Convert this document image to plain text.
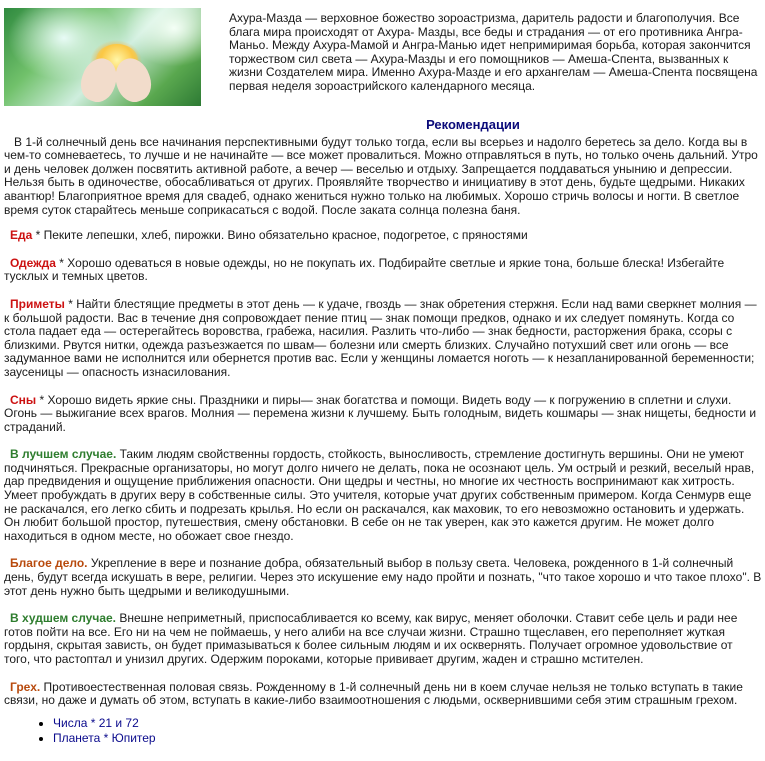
Ахура-Мазда — верховное божество зороастризма, даритель радости и благополучия. Все блага мира происходят от Ахура- Мазды, все беды и страдания — от его противника Ангра-Маньо. Между Ахура-Мамой и Ангра-Манью идет непримиримая борьба, которая закончится торжеством сил света — Ахура-Мазды и его помощников — Амеша-Спента, вызванных к жизни Создателем мира. Именно Ахура-Мазде и его архангелам — Амеша-Спента посвящена первая неделя зороастрийского календарного месяца.
Рекомендации

В 1-й солнечный день все начинания перспективными будут только тогда, если вы всерьез и надолго беретесь за дело. Когда вы в чем-то сомневаетесь, то лучше и не начинайте — все может провалиться. Можно отправляться в путь, но только очень дальний. Утро и день человек должен посвятить активной работе, а вечер — веселью и отдыху. Запрещается поддаваться унынию и депрессии. Нельзя быть в одиночестве, обосабливаться от других. Проявляйте творчество и инициативу в этот день, будьте щедрыми. Никаких авантюр! Благоприятное время для свадеб, однако жениться нужно только на любимых. Хорошо стричь волосы и ногти. В светлое время суток старайтесь меньше соприкасаться с водой. После заката солнца полезна баня.

Еда * Пеките лепешки, хлеб, пирожки. Вино обязательно красное, подогретое, с пряностями

Одежда * Хорошо одеваться в новые одежды, но не покупать их. Подбирайте светлые и яркие тона, больше блеска! Избегайте тусклых и темных цветов.

Приметы * Найти блестящие предметы в этот день — к удаче, гвоздь — знак обретения стержня. Если над вами сверкнет молния — к большой радости. Вас в течение дня сопровождает пение птиц — знак помощи предков, однако и их следует помянуть. Когда со стола падает еда — остерегайтесь воровства, грабежа, насилия. Разлить что-либо — знак бедности, расторжения брака, ссоры с близкими. Рвутся нитки, одежда разъезжается по швам— болезни или смерть близких. Случайно потухший свет или огонь — все задуманное вами не исполнится или обернется против вас. Если у женщины ломается ноготь — к незапланированной беременности; заусеницы — опасность изнасилования.

Сны * Хорошо видеть яркие сны. Праздники и пиры— знак богатства и помощи. Видеть воду — к погружению в сплетни и слухи. Огонь — выжигание всех врагов. Молния — перемена жизни к лучшему. Быть голодным, видеть кошмары — знак нищеты, бедности и страданий.

В лучшем случае. Таким людям свойственны гордость, стойкость, выносливость, стремление достигнуть вершины. Они не умеют подчиняться. Прекрасные организаторы, но могут долго ничего не делать, пока не осознают цель. Ум острый и резкий, веселый нрав, дар предвидения и ощущение приближения опасности. Они щедры и честны, но многие их честность воспринимают как хитрость. Умеет пробуждать в других веру в собственные силы. Это учителя, которые учат других собственным примером. Когда Сенмурв еще не раскачался, его легко сбить и подрезать крылья. Но если он раскачался, как маховик, то его невозможно остановить и удержать. Он любит большой простор, путешествия, смену обстановки. В себе он не так уверен, как это кажется другим. Не может долго находиться в одном месте, но обожает свое гнездо.

Благое дело. Укрепление в вере и познание добра, обязательный выбор в пользу света. Человека, рожденного в 1-й солнечный день, будут всегда искушать в вере, религии. Через это искушение ему надо пройти и познать, "что такое хорошо и что такое плохо". В этот день нужно быть щедрыми и великодушными.

В худшем случае. Внешне неприметный, приспосабливается ко всему, как вирус, меняет оболочки. Ставит себе цель и ради нее готов пойти на все. Его ни на чем не поймаешь, у него алиби на все случаи жизни. Страшно тщеславен, его переполняет жуткая гордыня, скрытая зависть, он будет примазываться к более сильным людям и их осквернять. Получает огромное удовольствие от того, что растоптал и унизил других. Одержим пороками, которые прививает другим, жаден и страшно мстителен.

Грех. Противоестественная половая связь. Рожденному в 1-й солнечный день ни в коем случае нельзя не только вступать в такие связи, но даже и думать об этом, вступать в какие-либо взаимоотношения с людьми, осквернившими себя этим страшным грехом.

• Числа * 21 и 72
• Планета * Юпитер
